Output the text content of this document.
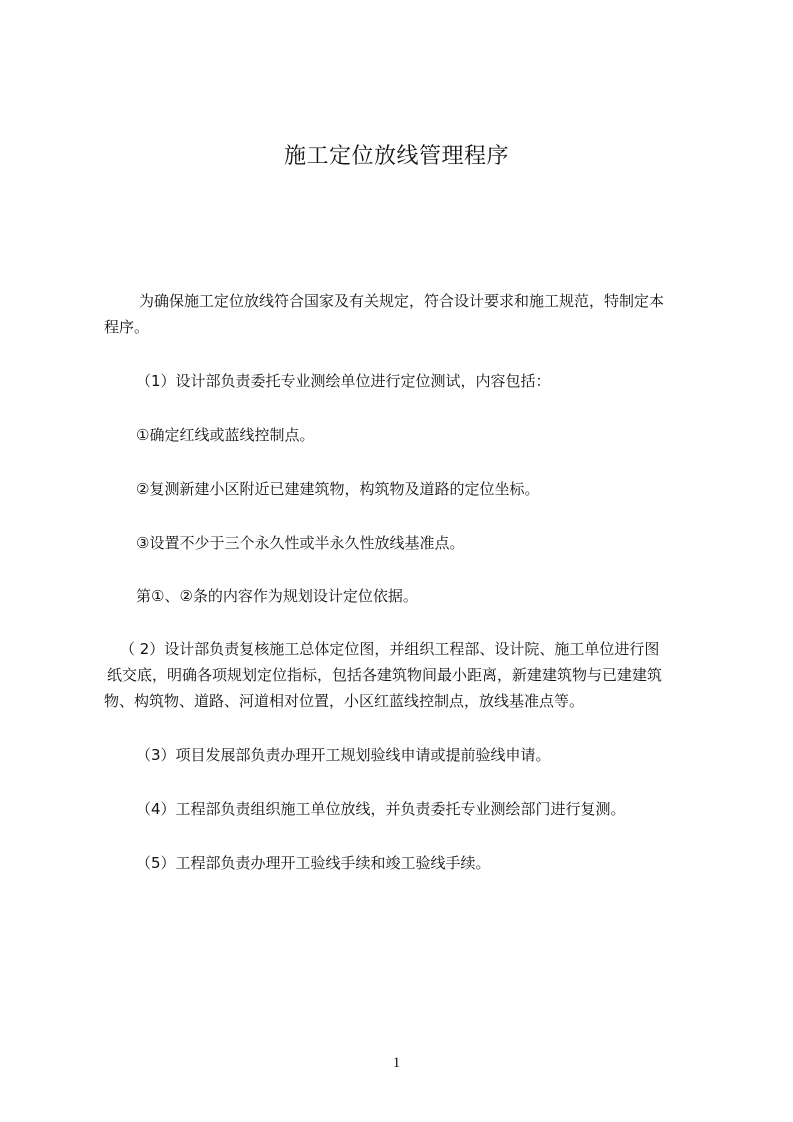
施工定位放线管理程序
为确保施工定位放线符合国家及有关规定，符合设计要求和施工规范，特制定本
程序。
（1）设计部负责委托专业测绘单位进行定位测试，内容包括：
①确定红线或蓝线控制点。
②复测新建小区附近已建建筑物，构筑物及道路的定位坐标。
③设置不少于三个永久性或半永久性放线基准点。
第①、②条的内容作为规划设计定位依据。
（ 2）设计部负责复核施工总体定位图，并组织工程部、设计院、施工单位进行图
纸交底，明确各项规划定位指标，包括各建筑物间最小距离，新建建筑物与已建建筑
物、构筑物、道路、河道相对位置，小区红蓝线控制点，放线基准点等。
（3）项目发展部负责办理开工规划验线申请或提前验线申请。
（4）工程部负责组织施工单位放线，并负责委托专业测绘部门进行复测。
（5）工程部负责办理开工验线手续和竣工验线手续。
1
